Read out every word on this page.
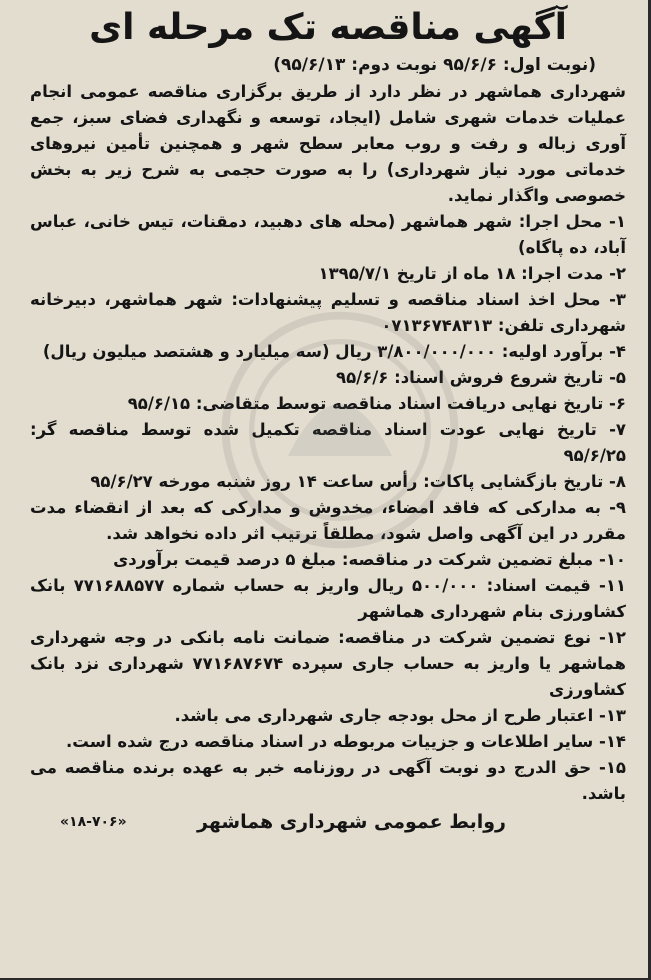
آگهی مناقصه تک مرحله ای
(نوبت اول: ۹۵/۶/۶ نوبت دوم: ۹۵/۶/۱۳)
شهرداری هماشهر در نظر دارد از طریق برگزاری مناقصه عمومی انجام عملیات خدمات شهری شامل (ایجاد، توسعه و نگهداری فضای سبز، جمع آوری زباله و رفت و روب معابر سطح شهر و همچنین تأمین نیروهای خدماتی مورد نیاز شهرداری) را به صورت حجمی به شرح زیر به بخش خصوصی واگذار نماید.
۱- محل اجرا: شهر هماشهر (محله های دهبید، دمقنات، تیس خانی، عباس آباد، ده پاگاه)
۲- مدت اجرا: ۱۸ ماه از تاریخ ۱۳۹۵/۷/۱
۳- محل اخذ اسناد مناقصه و تسلیم پیشنهادات: شهر هماشهر، دبیرخانه شهرداری تلفن: ۰۷۱۳۶۷۴۸۳۱۳
۴- برآورد اولیه: ۳/۸۰۰/۰۰۰/۰۰۰ ریال (سه میلیارد و هشتصد میلیون ریال)
۵- تاریخ شروع فروش اسناد: ۹۵/۶/۶
۶- تاریخ نهایی دریافت اسناد مناقصه توسط متقاضی: ۹۵/۶/۱۵
۷- تاریخ نهایی عودت اسناد مناقصه تکمیل شده توسط مناقصه گر: ۹۵/۶/۲۵
۸- تاریخ بازگشایی پاکات: رأس ساعت ۱۴ روز شنبه مورخه ۹۵/۶/۲۷
۹- به مدارکی که فاقد امضاء، مخدوش و مدارکی که بعد از انقضاء مدت مقرر در این آگهی واصل شود، مطلقاً ترتیب اثر داده نخواهد شد.
۱۰- مبلغ تضمین شرکت در مناقصه: مبلغ ۵ درصد قیمت برآوردی
۱۱- قیمت اسناد: ۵۰۰/۰۰۰ ریال واریز به حساب شماره ۷۷۱۶۸۸۵۷۷ بانک کشاورزی بنام شهرداری هماشهر
۱۲- نوع تضمین شرکت در مناقصه: ضمانت نامه بانکی در وجه شهرداری هماشهر یا واریز به حساب جاری سپرده ۷۷۱۶۸۷۶۷۴ شهرداری نزد بانک کشاورزی
۱۳- اعتبار طرح از محل بودجه جاری شهرداری می باشد.
۱۴- سایر اطلاعات و جزییات مربوطه در اسناد مناقصه درج شده است.
۱۵- حق الدرج دو نوبت آگهی در روزنامه خبر به عهده برنده مناقصه می باشد.
روابط عمومی شهرداری هماشهر
«۱۸-۷۰۶»
